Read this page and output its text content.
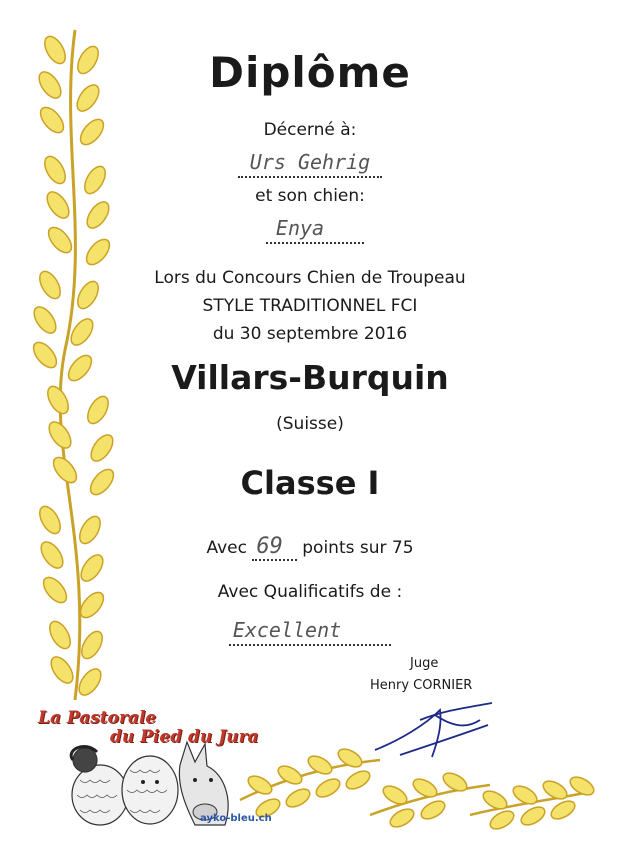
Diplôme
Décerné à:
Urs Gehrig
et son chien:
Enya
Lors du Concours Chien de Troupeau
STYLE TRADITIONNEL FCI
du 30 septembre 2016
Villars-Burquin
(Suisse)
Classe I
Avec 69 points sur 75
Avec Qualificatifs de :
Excellent
Juge
Henry CORNIER
La Pastorale
du Pied du Jura
ayko-bleu.ch
